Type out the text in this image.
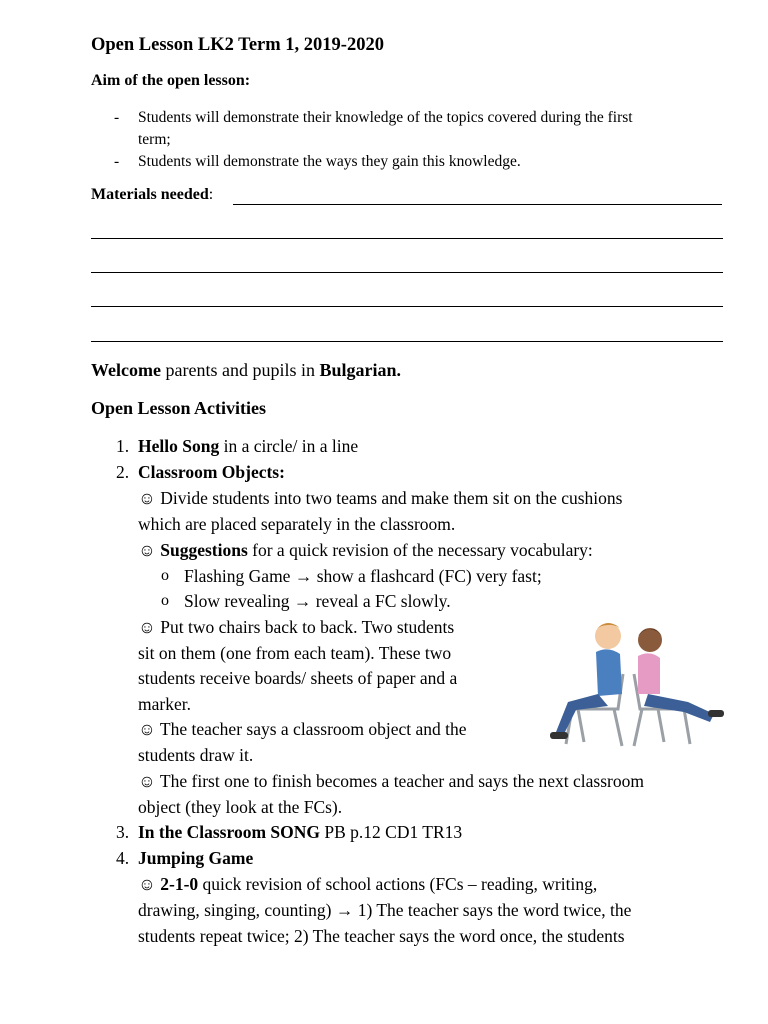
Open Lesson LK2 Term 1, 2019-2020
Aim of the open lesson:
- Students will demonstrate their knowledge of the topics covered during the first
term;
- Students will demonstrate the ways they gain this knowledge.
Materials needed:
Welcome parents and pupils in Bulgarian.
Open Lesson Activities
1. Hello Song in a circle/ in a line
2. Classroom Objects:
☺ Divide students into two teams and make them sit on the cushions
which are placed separately in the classroom.
☺ Suggestions for a quick revision of the necessary vocabulary:
o Flashing Game → show a flashcard (FC) very fast;
o Slow revealing → reveal a FC slowly.
☺ Put two chairs back to back. Two students
sit on them (one from each team). These two
students receive boards/ sheets of paper and a
marker.
☺ The teacher says a classroom object and the
students draw it.
☺ The first one to finish becomes a teacher and says the next classroom
object (they look at the FCs).
3. In the Classroom SONG PB p.12 CD1 TR13
4. Jumping Game
☺ 2-1-0 quick revision of school actions (FCs – reading, writing,
drawing, singing, counting) → 1) The teacher says the word twice, the
students repeat twice; 2) The teacher says the word once, the students
